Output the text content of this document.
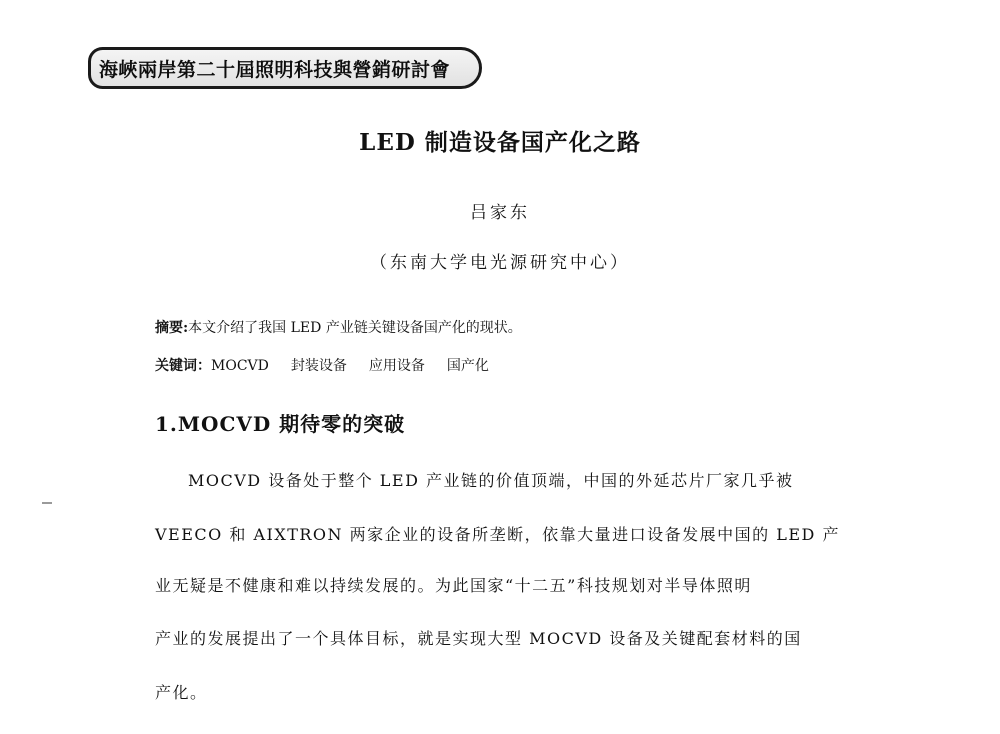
海峽兩岸第二十屆照明科技與營銷研討會
LED 制造设备国产化之路
吕家东
（东南大学电光源研究中心）
摘要:本文介绍了我国 LED 产业链关键设备国产化的现状。
关键词：MOCVD 封装设备 应用设备 国产化
1.MOCVD 期待零的突破
MOCVD 设备处于整个 LED 产业链的价值顶端，中国的外延芯片厂家几乎被
VEECO 和 AIXTRON 两家企业的设备所垄断，依靠大量进口设备发展中国的 LED 产
业无疑是不健康和难以持续发展的。为此国家“十二五”科技规划对半导体照明
产业的发展提出了一个具体目标，就是实现大型 MOCVD 设备及关键配套材料的国
产化。
